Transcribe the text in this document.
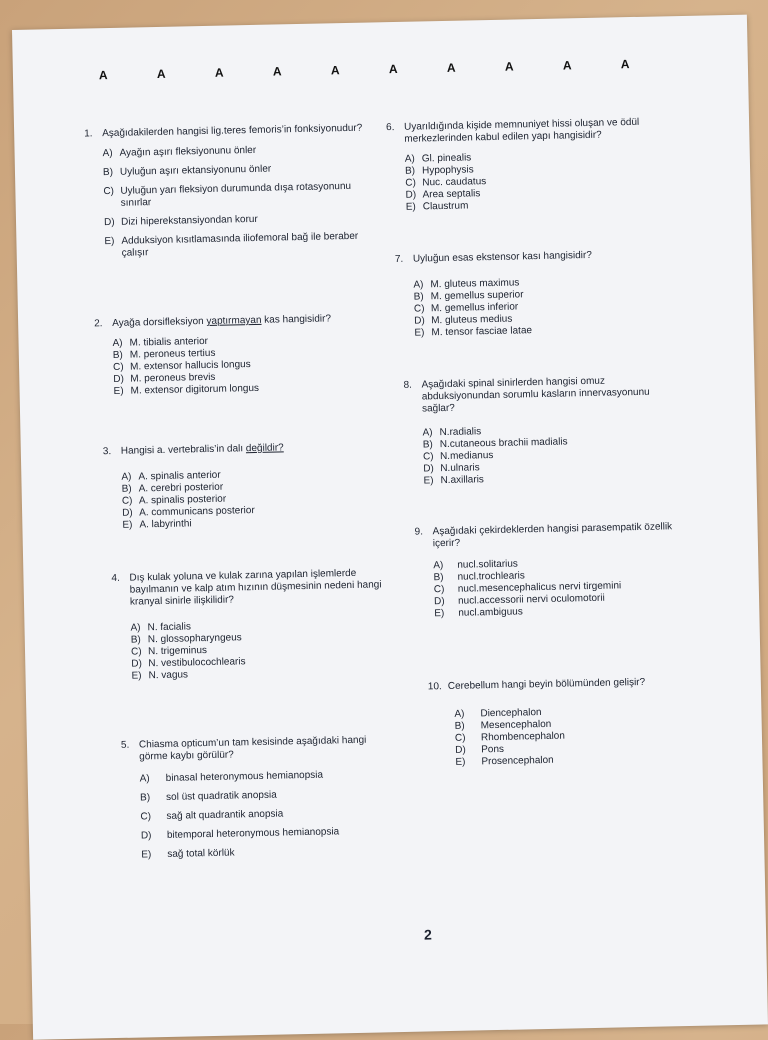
A	A	A	A	A	A	A	A	A	A
1. Aşağıdakilerden hangisi lig.teres femoris’in fonksiyonudur?
A) Ayağın aşırı fleksiyonunu önler
B) Uyluğun aşırı ektansiyonunu önler
C) Uyluğun yarı fleksiyon durumunda dışa rotasyonunu sınırlar
D) Dizi hiperekstansiyondan korur
E) Adduksiyon kısıtlamasında iliofemoral bağ ile beraber çalışır
2. Ayağa dorsifleksiyon yaptırmayan kas hangisidir?
A) M. tibialis anterior
B) M. peroneus tertius
C) M. extensor hallucis longus
D) M. peroneus brevis
E) M. extensor digitorum longus
3. Hangisi a. vertebralis’in dalı değildir?
A) A. spinalis anterior
B) A. cerebri posterior
C) A. spinalis posterior
D) A. communicans posterior
E) A. labyrinthi
4. Dış kulak yoluna ve kulak zarına yapılan işlemlerde bayılmanın ve kalp atım hızının düşmesinin nedeni hangi kranyal sinirle ilişkilidir?
A) N. facialis
B) N. glossopharyngeus
C) N. trigeminus
D) N. vestibulocochlearis
E) N. vagus
5. Chiasma opticum’un tam kesisinde aşağıdaki hangi görme kaybı görülür?
A)	binasal heteronymous hemianopsia
B)	sol üst quadratik anopsia
C)	sağ alt quadrantik anopsia
D)	bitemporal heteronymous hemianopsia
E)	sağ total körlük
6. Uyarıldığında kişide memnuniyet hissi oluşan ve ödül merkezlerinden kabul edilen yapı hangisidir?
A) Gl. pinealis
B) Hypophysis
C) Nuc. caudatus
D) Area septalis
E) Claustrum
7. Uyluğun esas ekstensor kası hangisidir?
A) M. gluteus maximus
B) M. gemellus superior
C) M. gemellus inferior
D) M. gluteus medius
E) M. tensor fasciae latae
8. Aşağıdaki spinal sinirlerden hangisi omuz abduksiyonundan sorumlu kasların innervasyonunu sağlar?
A) N.radialis
B) N.cutaneous brachii madialis
C) N.medianus
D) N.ulnaris
E) N.axillaris
9. Aşağıdaki çekirdeklerden hangisi parasempatik özellik içerir?
A)	nucl.solitarius
B)	nucl.trochlearis
C)	nucl.mesencephalicus nervi tirgemini
D)	nucl.accessorii nervi oculomotorii
E)	nucl.ambiguus
10. Cerebellum hangi beyin bölümünden gelişir?
A)	Diencephalon
B)	Mesencephalon
C)	Rhombencephalon
D)	Pons
E)	Prosencephalon
2
